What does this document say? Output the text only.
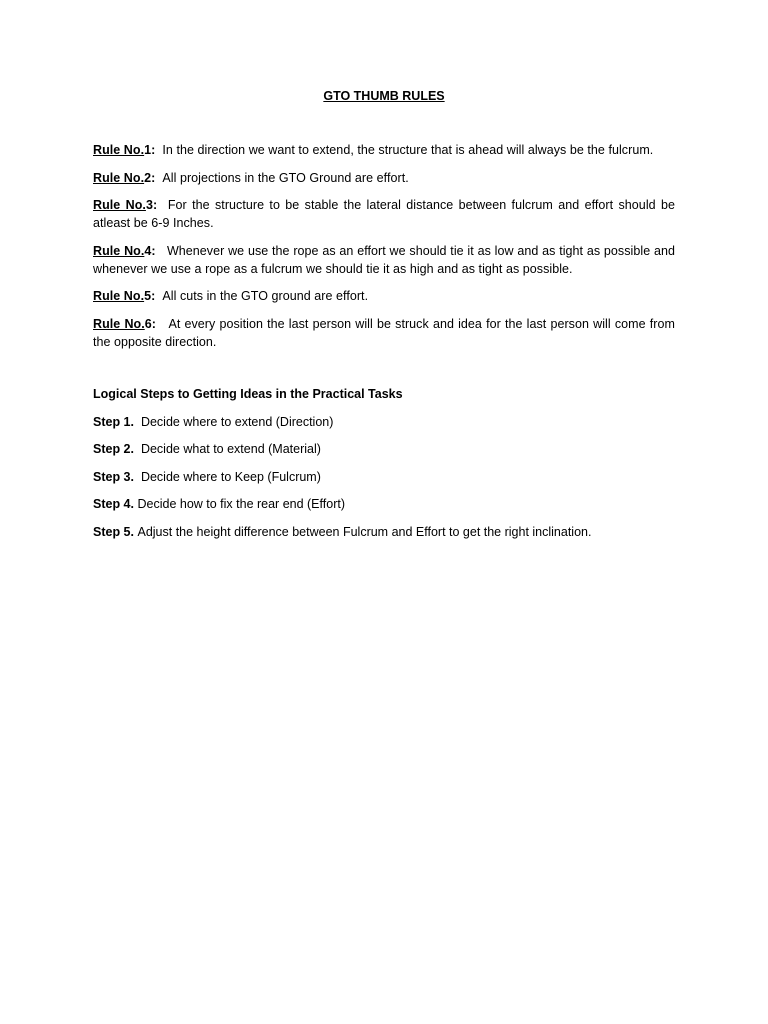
GTO THUMB RULES

Rule No.1: In the direction we want to extend, the structure that is ahead will always be the fulcrum.

Rule No.2: All projections in the GTO Ground are effort.

Rule No.3: For the structure to be stable the lateral distance between fulcrum and effort should be atleast be 6-9 Inches.

Rule No.4: Whenever we use the rope as an effort we should tie it as low and as tight as possible and whenever we use a rope as a fulcrum we should tie it as high and as tight as possible.

Rule No.5: All cuts in the GTO ground are effort.

Rule No.6: At every position the last person will be struck and idea for the last person will come from the opposite direction.

Logical Steps to Getting Ideas in the Practical Tasks

Step 1. Decide where to extend (Direction)
Step 2. Decide what to extend (Material)
Step 3. Decide where to Keep (Fulcrum)
Step 4. Decide how to fix the rear end (Effort)
Step 5. Adjust the height difference between Fulcrum and Effort to get the right inclination.
